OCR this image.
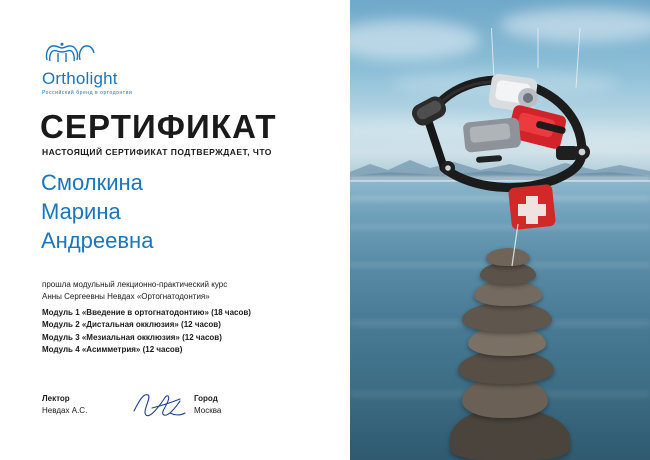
Ortholight
Российский бренд в ортодонтии
СЕРТИФИКАТ
НАСТОЯЩИЙ СЕРТИФИКАТ ПОДТВЕРЖДАЕТ, ЧТО
Смолкина
Марина
Андреевна
прошла модульный лекционно-практический курс
Анны Сергеевны Невдах «Ортогнатодонтия»
Модуль 1 «Введение в ортогнатодонтию» (18 часов)
Модуль 2 «Дистальная окклюзия» (12 часов)
Модуль 3 «Мезиальная окклюзия» (12 часов)
Модуль 4 «Асимметрия» (12 часов)
Лектор
Невдах А.С.
Город
Москва
